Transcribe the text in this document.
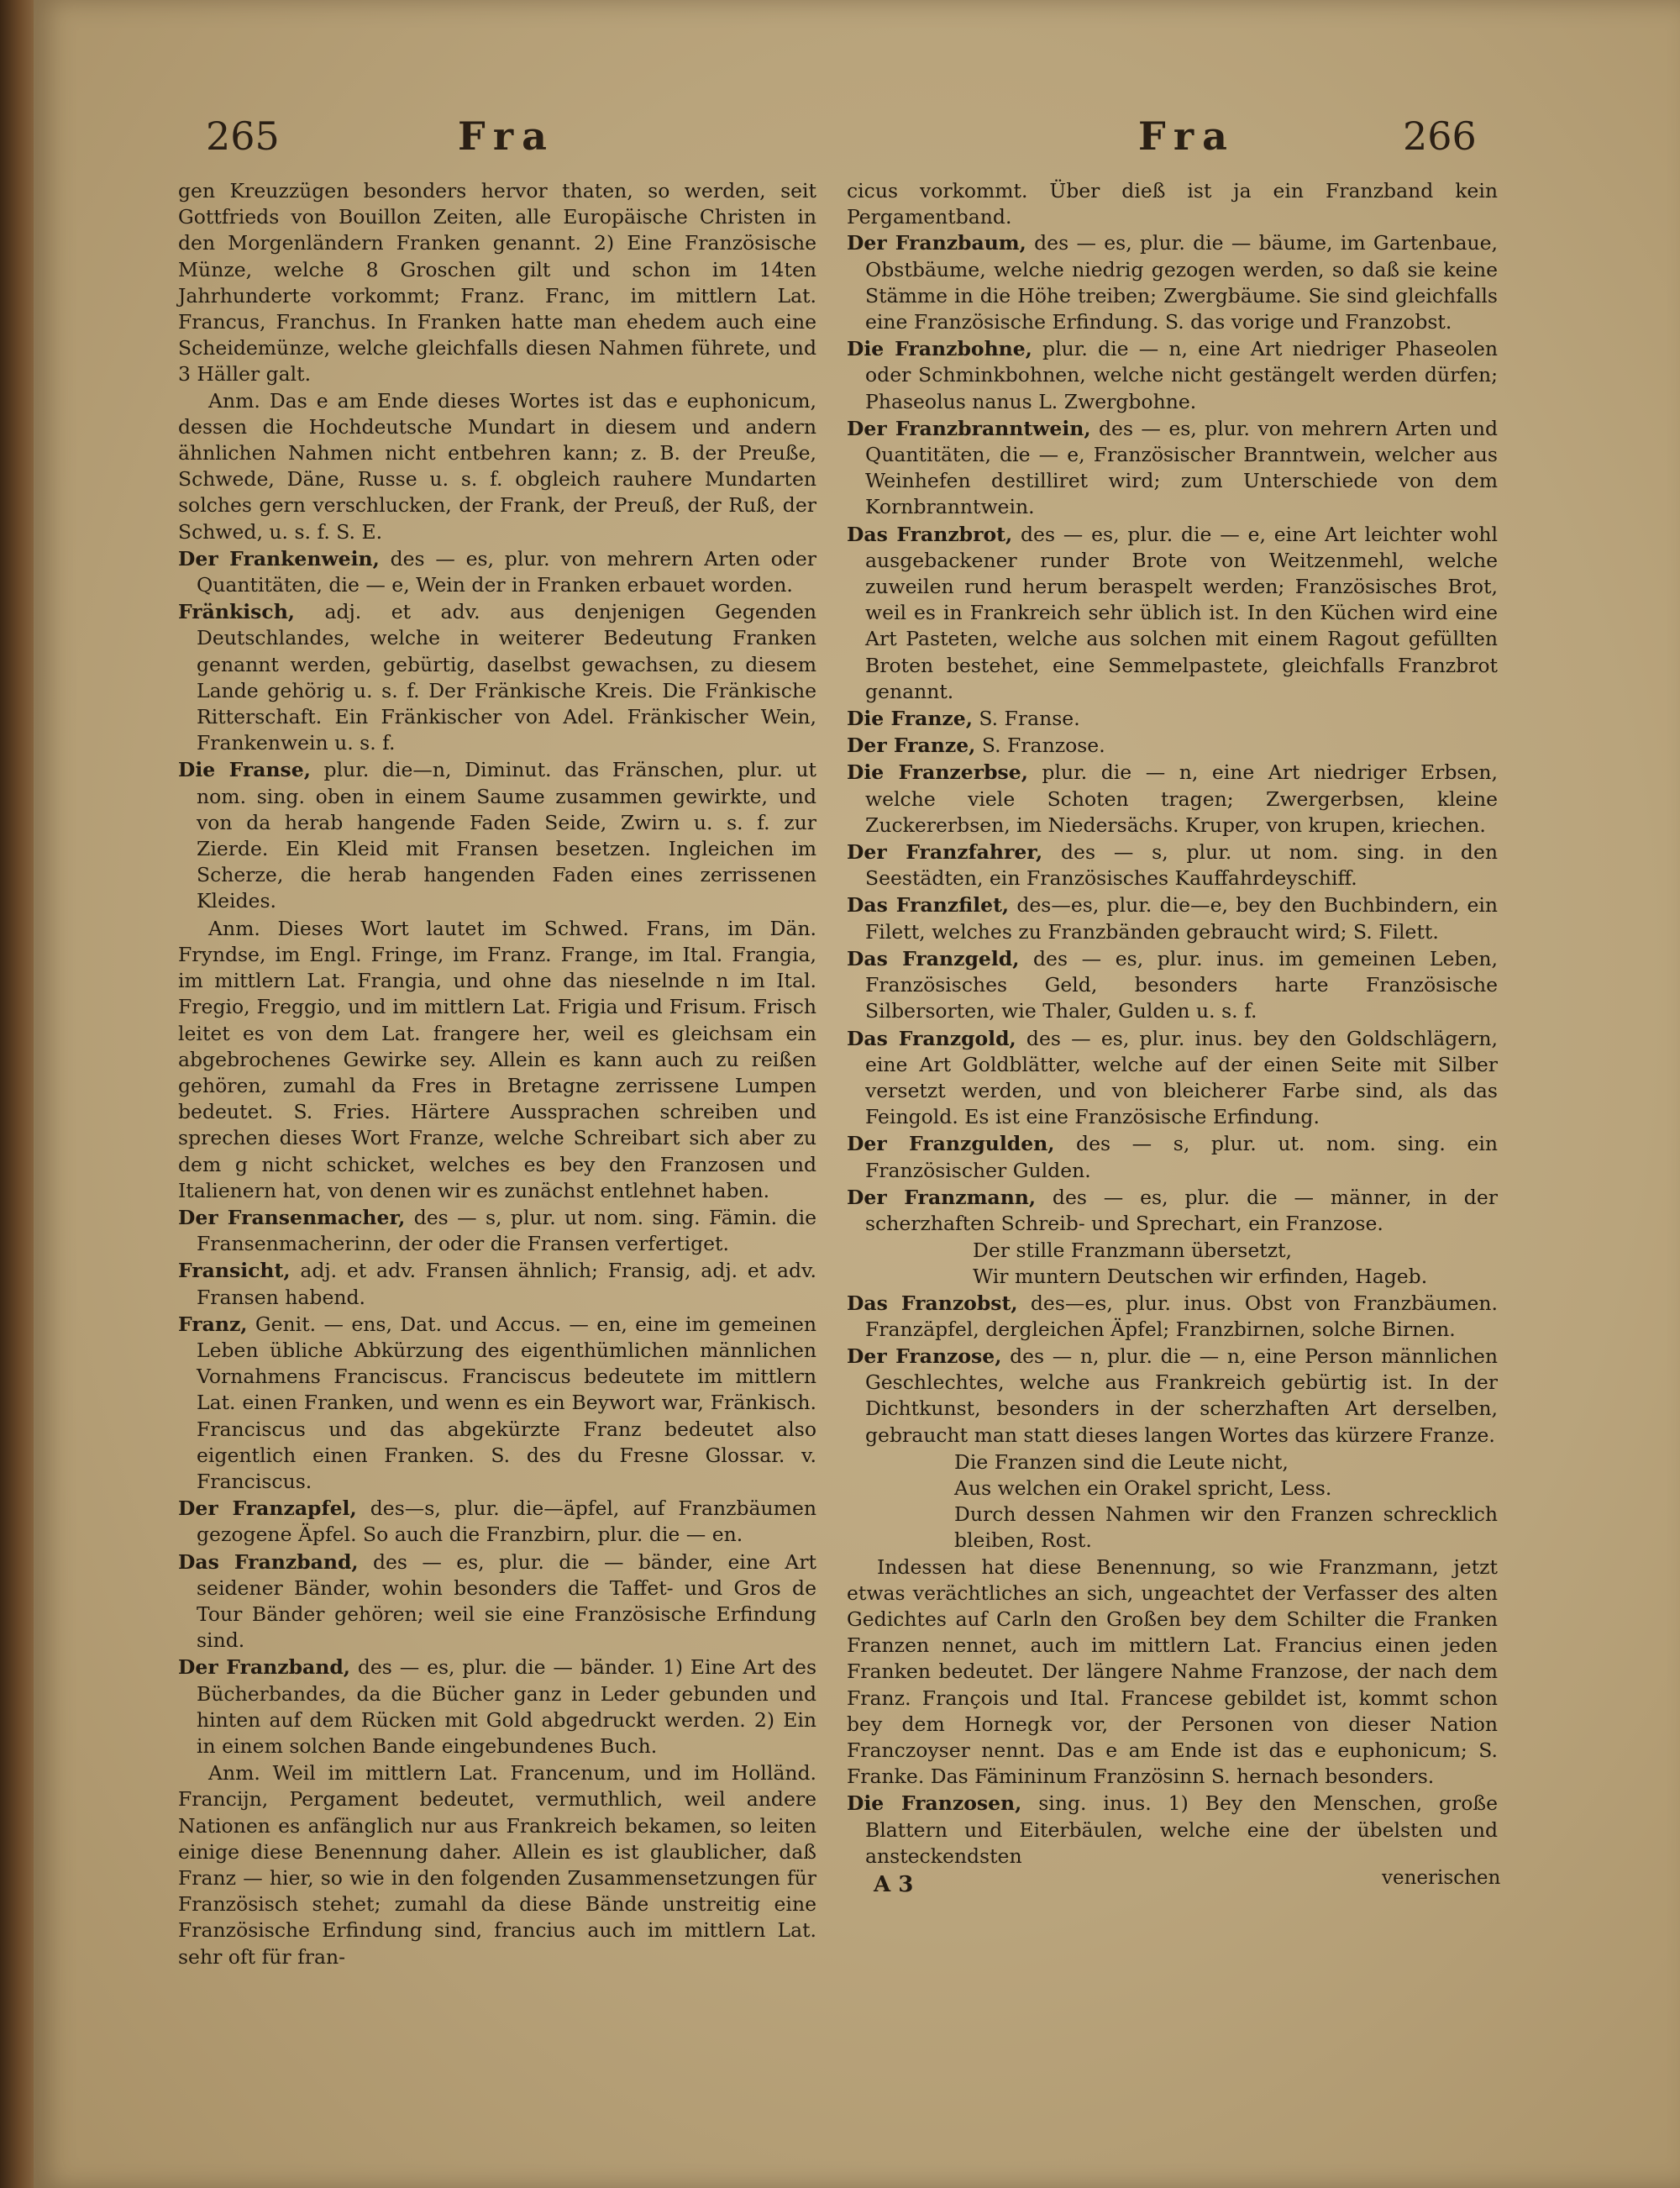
265	Fra	Fra	266

gen Kreuzzügen besonders hervor thaten, so werden, seit Gottfrieds von Bouillon Zeiten, alle Europäische Christen in den Morgenländern Franken genannt. 2) Eine Französische Münze, welche 8 Groschen gilt und schon im 14ten Jahrhunderte vorkommt; Franz. Franc, im mittlern Lat. Francus, Franchus. In Franken hatte man ehedem auch eine Scheidemünze, welche gleichfalls diesen Nahmen führete, und 3 Häller galt.

Anm. Das e am Ende dieses Wortes ist das e euphonicum, dessen die Hochdeutsche Mundart in diesem und andern ähnlichen Nahmen nicht entbehren kann; z. B. der Preuße, Schwede, Däne, Russe u. s. f. obgleich rauhere Mundarten solches gern verschlucken, der Frank, der Preuß, der Ruß, der Schwed, u. s. f. S. E.

Der Frankenwein, des — es, plur. von mehrern Arten oder Quantitäten, die — e, Wein der in Franken erbauet worden.

Fränkisch, adj. et adv. aus denjenigen Gegenden Deutschlandes, welche in weiterer Bedeutung Franken genannt werden, gebürtig, daselbst gewachsen, zu diesem Lande gehörig u. s. f. Der Fränkische Kreis. Die Fränkische Ritterschaft. Ein Fränkischer von Adel. Fränkischer Wein, Frankenwein u. s. f.

Die Franse, plur. die—n, Diminut. das Fränschen, plur. ut nom. sing. oben in einem Saume zusammen gewirkte, und von da herab hangende Faden Seide, Zwirn u. s. f. zur Zierde. Ein Kleid mit Fransen besetzen. Ingleichen im Scherze, die herab hangenden Faden eines zerrissenen Kleides.

Anm. Dieses Wort lautet im Schwed. Frans, im Dän. Fryndse, im Engl. Fringe, im Franz. Frange, im Ital. Frangia, im mittlern Lat. Frangia, und ohne das nieselnde n im Ital. Fregio, Freggio, und im mittlern Lat. Frigia und Frisum. Frisch leitet es von dem Lat. frangere her, weil es gleichsam ein abgebrochenes Gewirke sey. Allein es kann auch zu reißen gehören, zumahl da Fres in Bretagne zerrissene Lumpen bedeutet. S. Fries. Härtere Aussprachen schreiben und sprechen dieses Wort Franze, welche Schreibart sich aber zu dem g nicht schicket, welches es bey den Franzosen und Italienern hat, von denen wir es zunächst entlehnet haben.

Der Fransenmacher, des — s, plur. ut nom. sing. Fämin. die Fransenmacherinn, der oder die Fransen verfertiget.

Fransicht, adj. et adv. Fransen ähnlich; Fransig, adj. et adv. Fransen habend.

Franz, Genit. — ens, Dat. und Accus. — en, eine im gemeinen Leben übliche Abkürzung des eigenthümlichen männlichen Vornahmens Franciscus. Franciscus bedeutete im mittlern Lat. einen Franken, und wenn es ein Beywort war, Fränkisch. Franciscus und das abgekürzte Franz bedeutet also eigentlich einen Franken. S. des du Fresne Glossar. v. Franciscus.

Der Franzapfel, des—s, plur. die—äpfel, auf Franzbäumen gezogene Äpfel. So auch die Franzbirn, plur. die — en.

Das Franzband, des — es, plur. die — bänder, eine Art seidener Bänder, wohin besonders die Taffet- und Gros de Tour Bänder gehören; weil sie eine Französische Erfindung sind.

Der Franzband, des — es, plur. die — bänder. 1) Eine Art des Bücherbandes, da die Bücher ganz in Leder gebunden und hinten auf dem Rücken mit Gold abgedruckt werden. 2) Ein in einem solchen Bande eingebundenes Buch.

Anm. Weil im mittlern Lat. Francenum, und im Holländ. Francijn, Pergament bedeutet, vermuthlich, weil andere Nationen es anfänglich nur aus Frankreich bekamen, so leiten einige diese Benennung daher. Allein es ist glaublicher, daß Franz — hier, so wie in den folgenden Zusammensetzungen für Französisch stehet; zumahl da diese Bände unstreitig eine Französische Erfindung sind, francius auch im mittlern Lat. sehr oft für fran-

cicus vorkommt. Über dieß ist ja ein Franzband kein Pergamentband.

Der Franzbaum, des — es, plur. die — bäume, im Gartenbaue, Obstbäume, welche niedrig gezogen werden, so daß sie keine Stämme in die Höhe treiben; Zwergbäume. Sie sind gleichfalls eine Französische Erfindung. S. das vorige und Franzobst.

Die Franzbohne, plur. die — n, eine Art niedriger Phaseolen oder Schminkbohnen, welche nicht gestängelt werden dürfen; Phaseolus nanus L. Zwergbohne.

Der Franzbranntwein, des — es, plur. von mehrern Arten und Quantitäten, die — e, Französischer Branntwein, welcher aus Weinhefen destilliret wird; zum Unterschiede von dem Kornbranntwein.

Das Franzbrot, des — es, plur. die — e, eine Art leichter wohl ausgebackener runder Brote von Weitzenmehl, welche zuweilen rund herum beraspelt werden; Französisches Brot, weil es in Frankreich sehr üblich ist. In den Küchen wird eine Art Pasteten, welche aus solchen mit einem Ragout gefüllten Broten bestehet, eine Semmelpastete, gleichfalls Franzbrot genannt.

Die Franze, S. Franse.

Der Franze, S. Franzose.

Die Franzerbse, plur. die — n, eine Art niedriger Erbsen, welche viele Schoten tragen; Zwergerbsen, kleine Zuckererbsen, im Niedersächs. Kruper, von krupen, kriechen.

Der Franzfahrer, des — s, plur. ut nom. sing. in den Seestädten, ein Französisches Kauffahrdeyschiff.

Das Franzfilet, des—es, plur. die—e, bey den Buchbindern, ein Filett, welches zu Franzbänden gebraucht wird; S. Filett.

Das Franzgeld, des — es, plur. inus. im gemeinen Leben, Französisches Geld, besonders harte Französische Silbersorten, wie Thaler, Gulden u. s. f.

Das Franzgold, des — es, plur. inus. bey den Goldschlägern, eine Art Goldblätter, welche auf der einen Seite mit Silber versetzt werden, und von bleicherer Farbe sind, als das Feingold. Es ist eine Französische Erfindung.

Der Franzgulden, des — s, plur. ut. nom. sing. ein Französischer Gulden.

Der Franzmann, des — es, plur. die — männer, in der scherzhaften Schreib- und Sprechart, ein Franzose.

Der stille Franzmann übersetzt,

Wir muntern Deutschen wir erfinden, Hageb.

Das Franzobst, des—es, plur. inus. Obst von Franzbäumen. Franzäpfel, dergleichen Äpfel; Franzbirnen, solche Birnen.

Der Franzose, des — n, plur. die — n, eine Person männlichen Geschlechtes, welche aus Frankreich gebürtig ist. In der Dichtkunst, besonders in der scherzhaften Art derselben, gebraucht man statt dieses langen Wortes das kürzere Franze.

Die Franzen sind die Leute nicht,

Aus welchen ein Orakel spricht, Less.

Durch dessen Nahmen wir den Franzen schrecklich bleiben, Rost.

Indessen hat diese Benennung, so wie Franzmann, jetzt etwas verächtliches an sich, ungeachtet der Verfasser des alten Gedichtes auf Carln den Großen bey dem Schilter die Franken Franzen nennet, auch im mittlern Lat. Francius einen jeden Franken bedeutet. Der längere Nahme Franzose, der nach dem Franz. François und Ital. Francese gebildet ist, kommt schon bey dem Hornegk vor, der Personen von dieser Nation Franczoyser nennt. Das e am Ende ist das e euphonicum; S. Franke. Das Fämininum Französinn S. hernach besonders.

Die Franzosen, sing. inus. 1) Bey den Menschen, große Blattern und Eiterbäulen, welche eine der übelsten und ansteckendsten

A 3	venerischen
